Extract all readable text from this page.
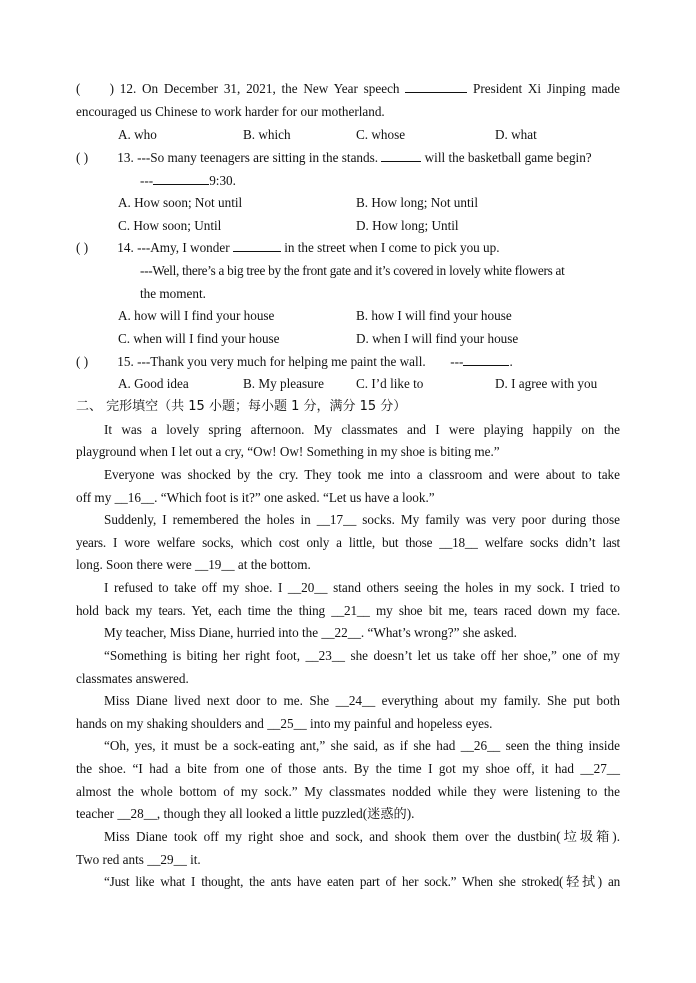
( ) 12. On December 31, 2021, the New Year speech	President Xi Jinping made
encouraged us Chinese to work harder for our motherland.
A. who	B. which	C. whose	D. what
( ) 13. ---So many teenagers are sitting in the stands.	will the basketball game begin?
---	9:30.
A. How soon; Not until	B. How long; Not until
C. How soon; Until	D. How long; Until
( ) 14. ---Amy, I wonder	in the street when I come to pick you up.
---Well, there’s a big tree by the front gate and it’s covered in lovely white flowers at
the moment.
A. how will I find your house	B. how I will find your house
C. when will I find your house	D. when I will find your house
( ) 15. ---Thank you very much for helping me paint the wall. ---	.
A. Good idea	B. My pleasure C. I’d like to	D. I agree with you
二、 完形填空（共 15 小题；每小题 1 分，满分 15 分）
It was a lovely spring afternoon. My classmates and I were playing happily on the
playground when I let out a cry, “Ow! Ow! Something in my shoe is biting me.”
Everyone was shocked by the cry. They took me into a classroom and were about to take
off my __16__. “Which foot is it?” one asked. “Let us have a look.”
Suddenly, I remembered the holes in __17__ socks. My family was very poor during those
years. I wore welfare socks, which cost only a little, but those __18__ welfare socks didn’t last
long. Soon there were __19__ at the bottom.
I refused to take off my shoe. I __20__ stand others seeing the holes in my sock. I tried to
hold back my tears. Yet, each time the thing __21__ my shoe bit me, tears raced down my face.
My teacher, Miss Diane, hurried into the __22__. “What’s wrong?” she asked.
“Something is biting her right foot, __23__ she doesn’t let us take off her shoe,” one of my
classmates answered.
Miss Diane lived next door to me. She __24__ everything about my family. She put both
hands on my shaking shoulders and __25__ into my painful and hopeless eyes.
“Oh, yes, it must be a sock-eating ant,” she said, as if she had __26__ seen the thing inside
the shoe. “I had a bite from one of those ants. By the time I got my shoe off, it had __27__
almost the whole bottom of my sock.” My classmates nodded while they were listening to the
teacher __28__, though they all looked a little puzzled(迷惑的).
Miss Diane took off my right shoe and sock, and shook them over the dustbin(垃圾箱).
Two red ants __29__ it.
“Just like what I thought, the ants have eaten part of her sock.” When she stroked(轻拭) an
